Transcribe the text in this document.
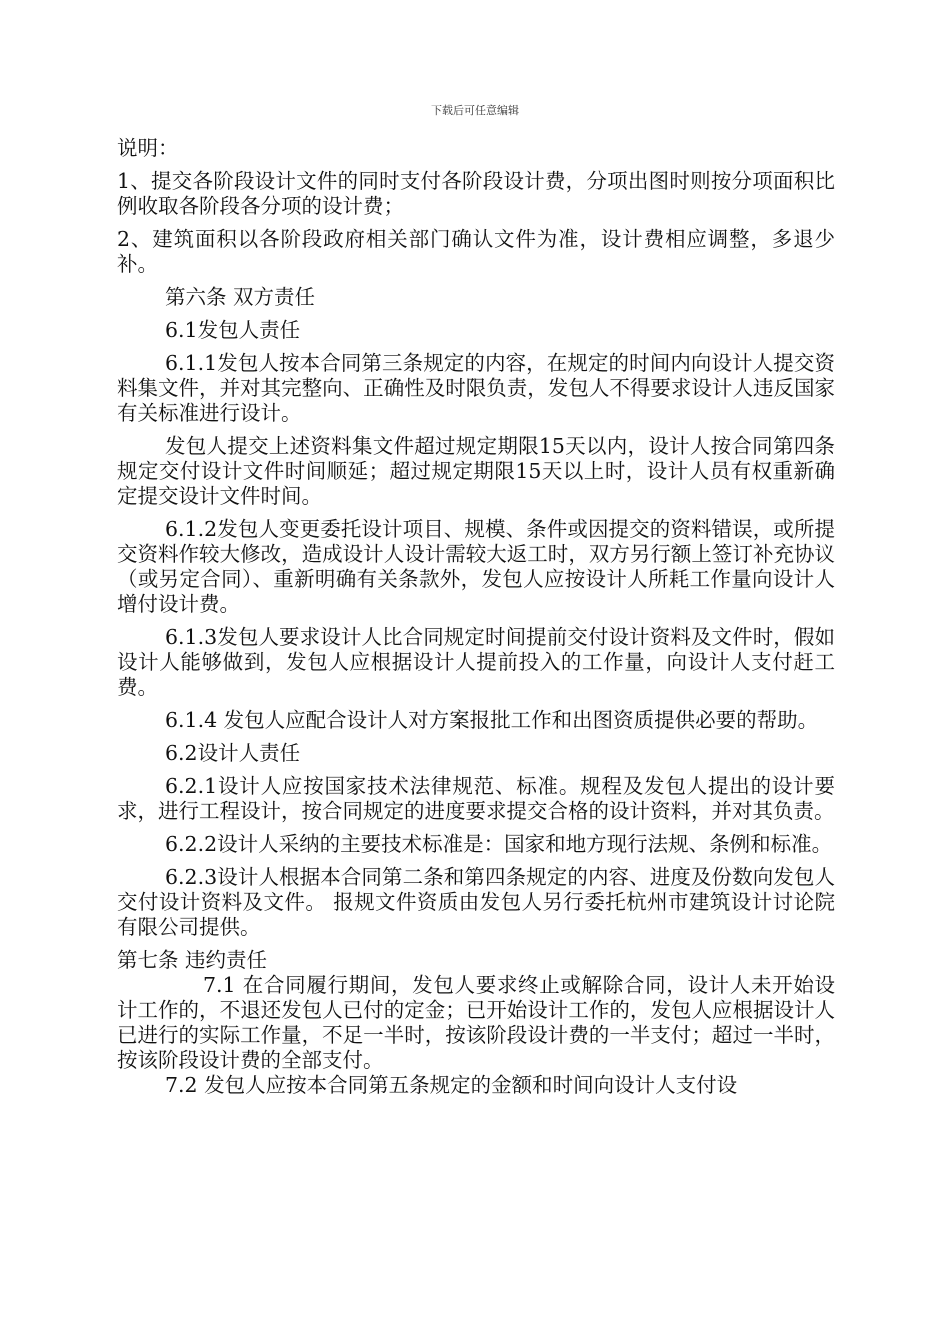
下载后可任意编辑

说明：

1、提交各阶段设计文件的同时支付各阶段设计费，分项出图时则按分项面积比例收取各阶段各分项的设计费；

2、建筑面积以各阶段政府相关部门确认文件为准，设计费相应调整，多退少补。

第六条 双方责任

6.1发包人责任

6.1.1发包人按本合同第三条规定的内容，在规定的时间内向设计人提交资料集文件，并对其完整向、正确性及时限负责，发包人不得要求设计人违反国家有关标准进行设计。

发包人提交上述资料集文件超过规定期限15天以内，设计人按合同第四条规定交付设计文件时间顺延；超过规定期限15天以上时，设计人员有权重新确定提交设计文件时间。

6.1.2发包人变更委托设计项目、规模、条件或因提交的资料错误，或所提交资料作较大修改，造成设计人设计需较大返工时，双方另行额上签订补充协议（或另定合同）、重新明确有关条款外，发包人应按设计人所耗工作量向设计人增付设计费。

6.1.3发包人要求设计人比合同规定时间提前交付设计资料及文件时，假如设计人能够做到，发包人应根据设计人提前投入的工作量，向设计人支付赶工费。

6.1.4 发包人应配合设计人对方案报批工作和出图资质提供必要的帮助。

6.2设计人责任

6.2.1设计人应按国家技术法律规范、标准。规程及发包人提出的设计要求，进行工程设计，按合同规定的进度要求提交合格的设计资料，并对其负责。

6.2.2设计人采纳的主要技术标准是：国家和地方现行法规、条例和标准。

6.2.3设计人根据本合同第二条和第四条规定的内容、进度及份数向发包人交付设计资料及文件。 报规文件资质由发包人另行委托杭州市建筑设计讨论院有限公司提供。

第七条 违约责任

7.1 在合同履行期间，发包人要求终止或解除合同，设计人未开始设计工作的，不退还发包人已付的定金；已开始设计工作的，发包人应根据设计人已进行的实际工作量，不足一半时，按该阶段设计费的一半支付；超过一半时，按该阶段设计费的全部支付。

7.2 发包人应按本合同第五条规定的金额和时间向设计人支付设
